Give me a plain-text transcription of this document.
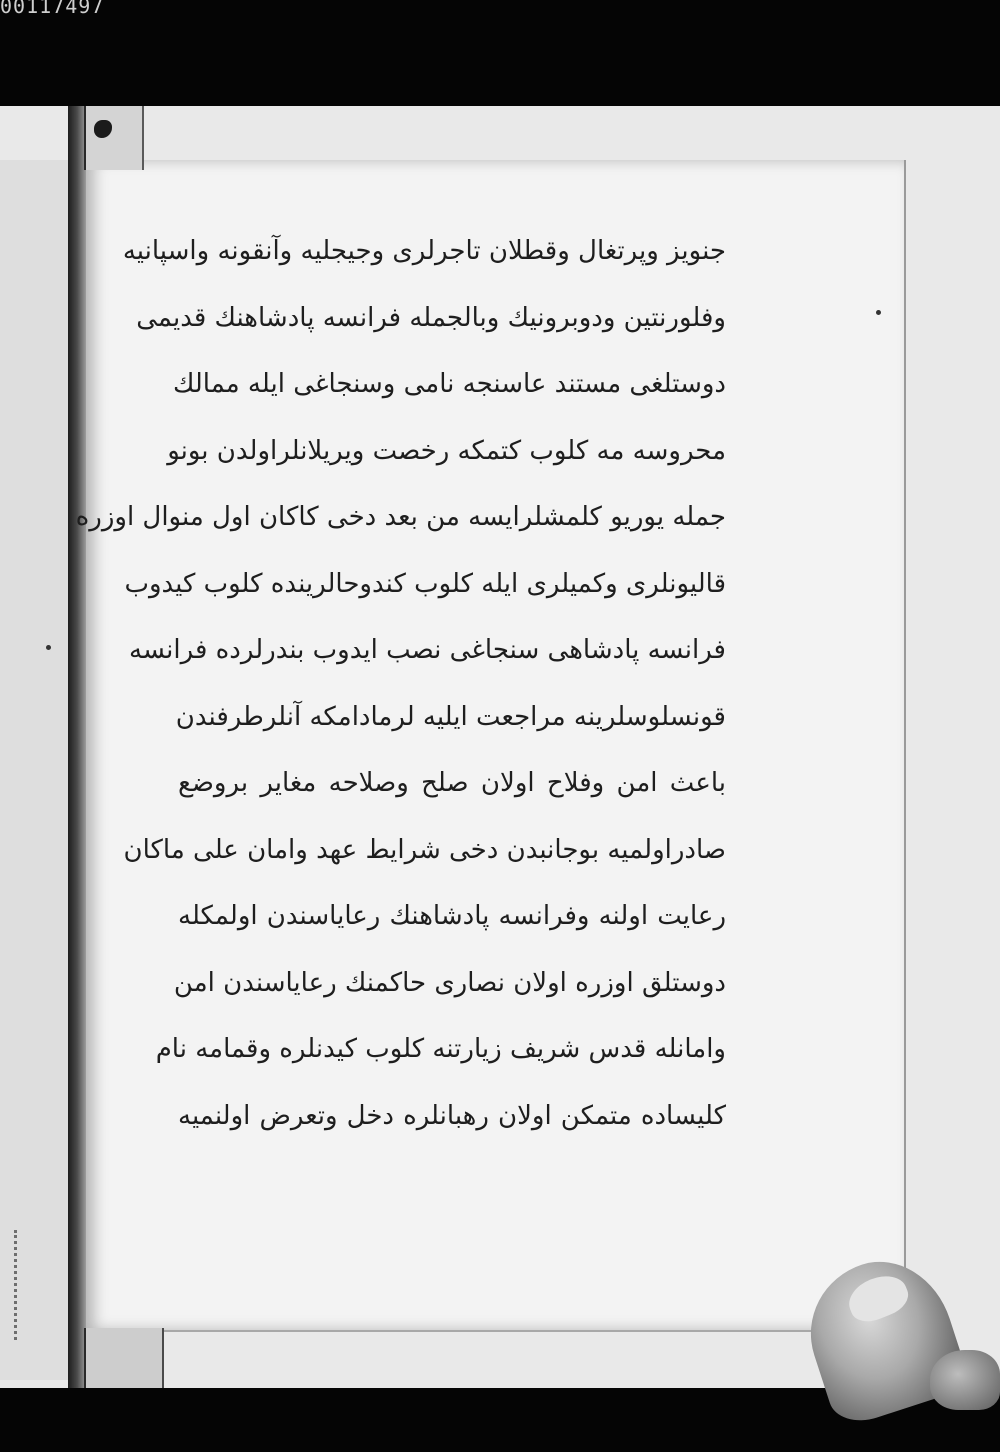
00117497
جنویز وپرتغال وقطلان تاجرلری وجیجلیه وآنقونه واسپانیه
وفلورنتین ودوبرونیك وبالجمله فرانسه پادشاهنك قدیمی
دوستلغی مستند عاسنجه نامی وسنجاغی ایله ممالك
محروسه مه كلوب كتمكه رخصت ویریلانلراولدن بونو
جمله یوریو كلمشلرایسه من بعد دخی كاكان اول منوال اوزره
قالیونلری وكمیلری ایله كلوب كندوحالرینده كلوب كیدوب
فرانسه پادشاهی سنجاغی نصب ایدوب بندرلرده فرانسه
قونسلوسلرینه مراجعت ایلیه لرمادامكه آنلرطرفندن
باعث امن وفلاح اولان صلح وصلاحه مغایر بروضع
صادراولمیه بوجانبدن دخی شرایط عهد وامان علی ماكان
رعایت اولنه وفرانسه پادشاهنك رعایاسندن اولمكله
دوستلق اوزره اولان نصاری حاكمنك رعایاسندن امن
وامانله قدس شریف زیارتنه كلوب كیدنلره وقمامه نام
كلیساده متمكن اولان رهبانلره دخل وتعرض اولنمیه
